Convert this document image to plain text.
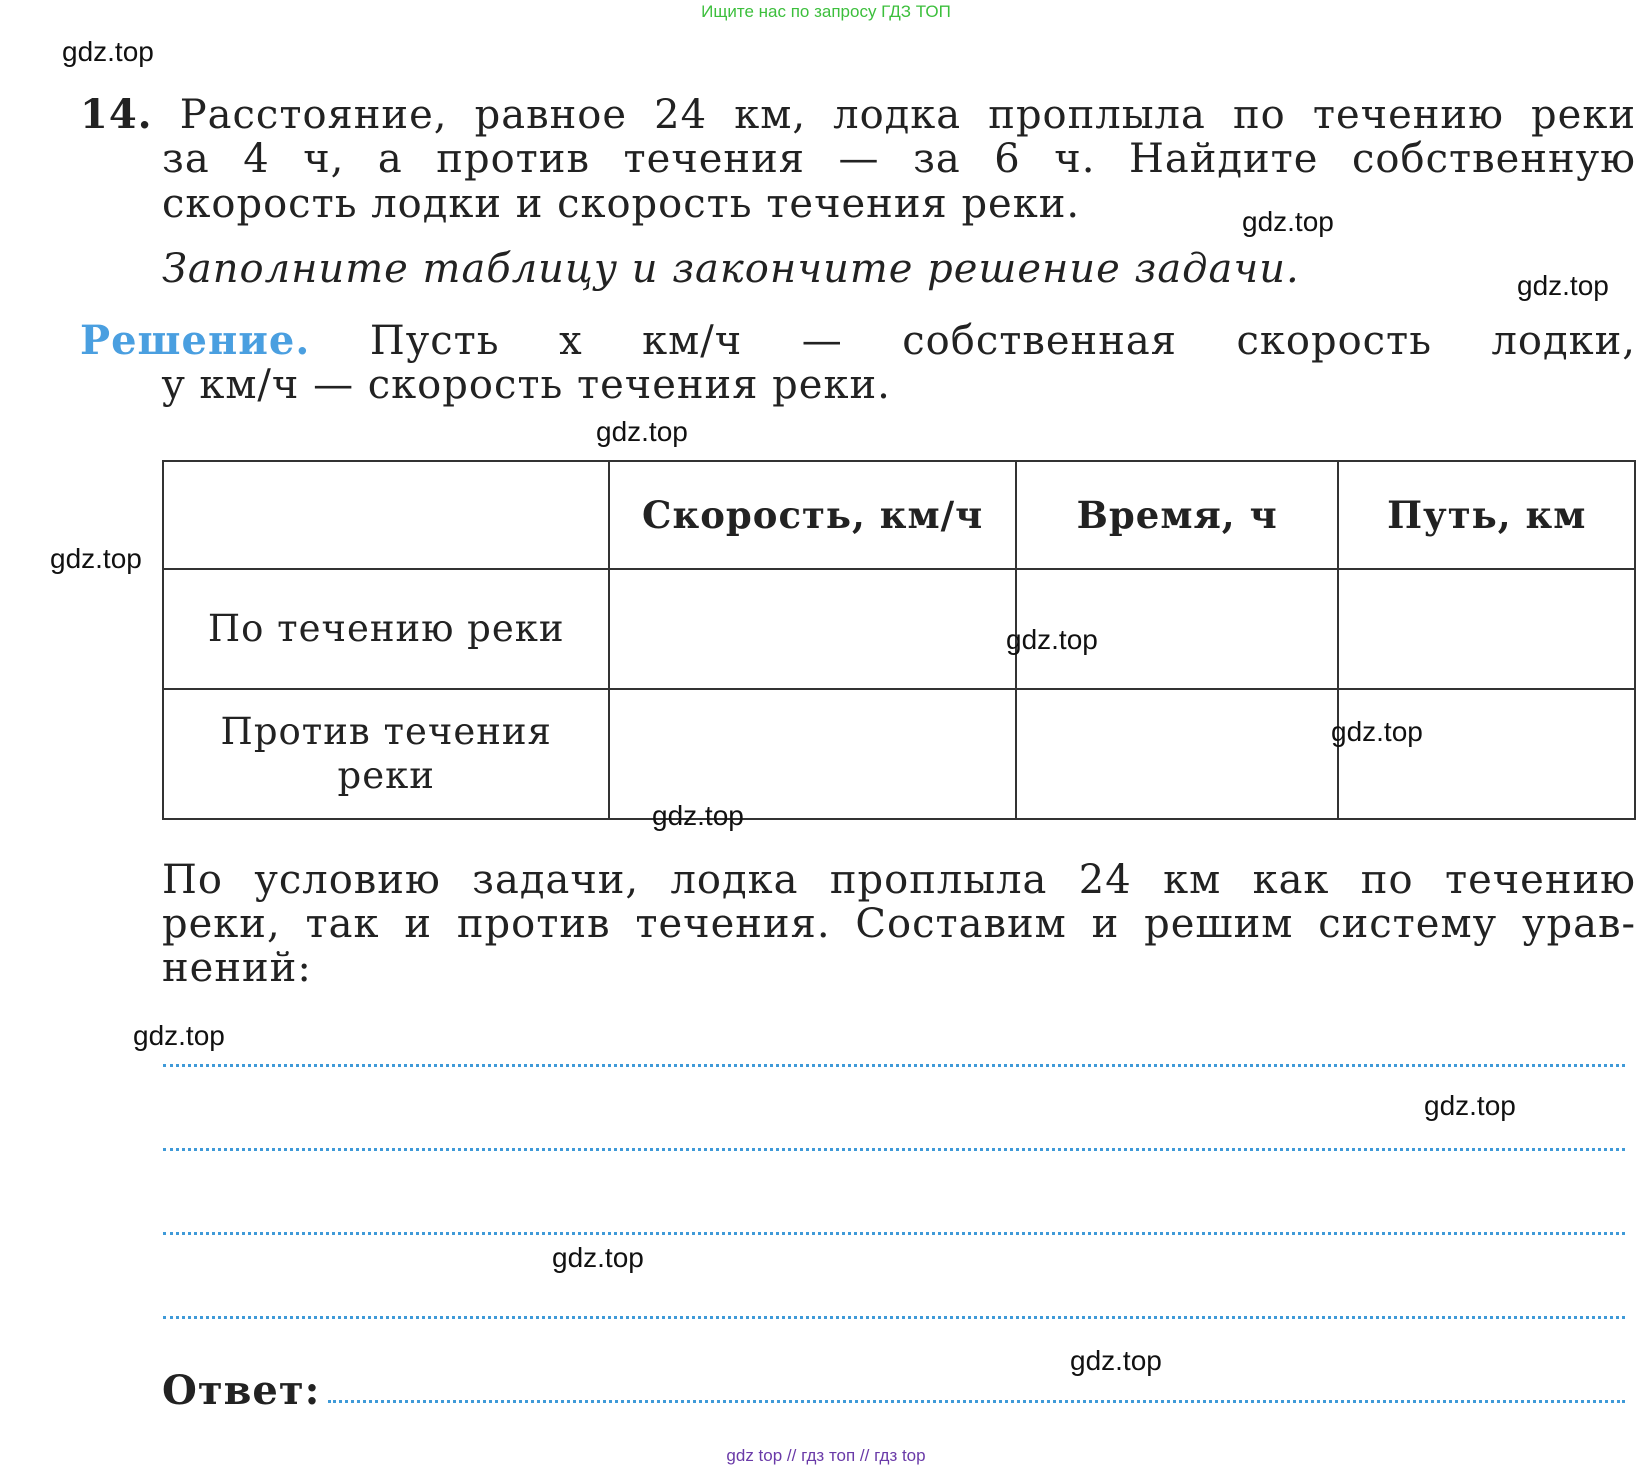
Ищите нас по запросу ГДЗ ТОП
14. Расстояние, равное 24 км, лодка проплыла по течению реки
за 4 ч, а против течения — за 6 ч. Найдите собственную
скорость лодки и скорость течения реки.
Заполните таблицу и закончите решение задачи.
Решение. Пусть x км/ч — собственная скорость лодки,
y км/ч — скорость течения реки.
	Скорость, км/ч	Время, ч	Путь, км
По течению реки			
Против течения реки			
По условию задачи, лодка проплыла 24 км как по течению
реки, так и против течения. Составим и решим систему урав-
нений:
Ответ:
gdz.top
gdz.top
gdz.top
gdz.top
gdz.top
gdz.top
gdz.top
gdz.top
gdz.top
gdz.top
gdz.top
gdz.top
gdz top // гдз топ // гдз top
